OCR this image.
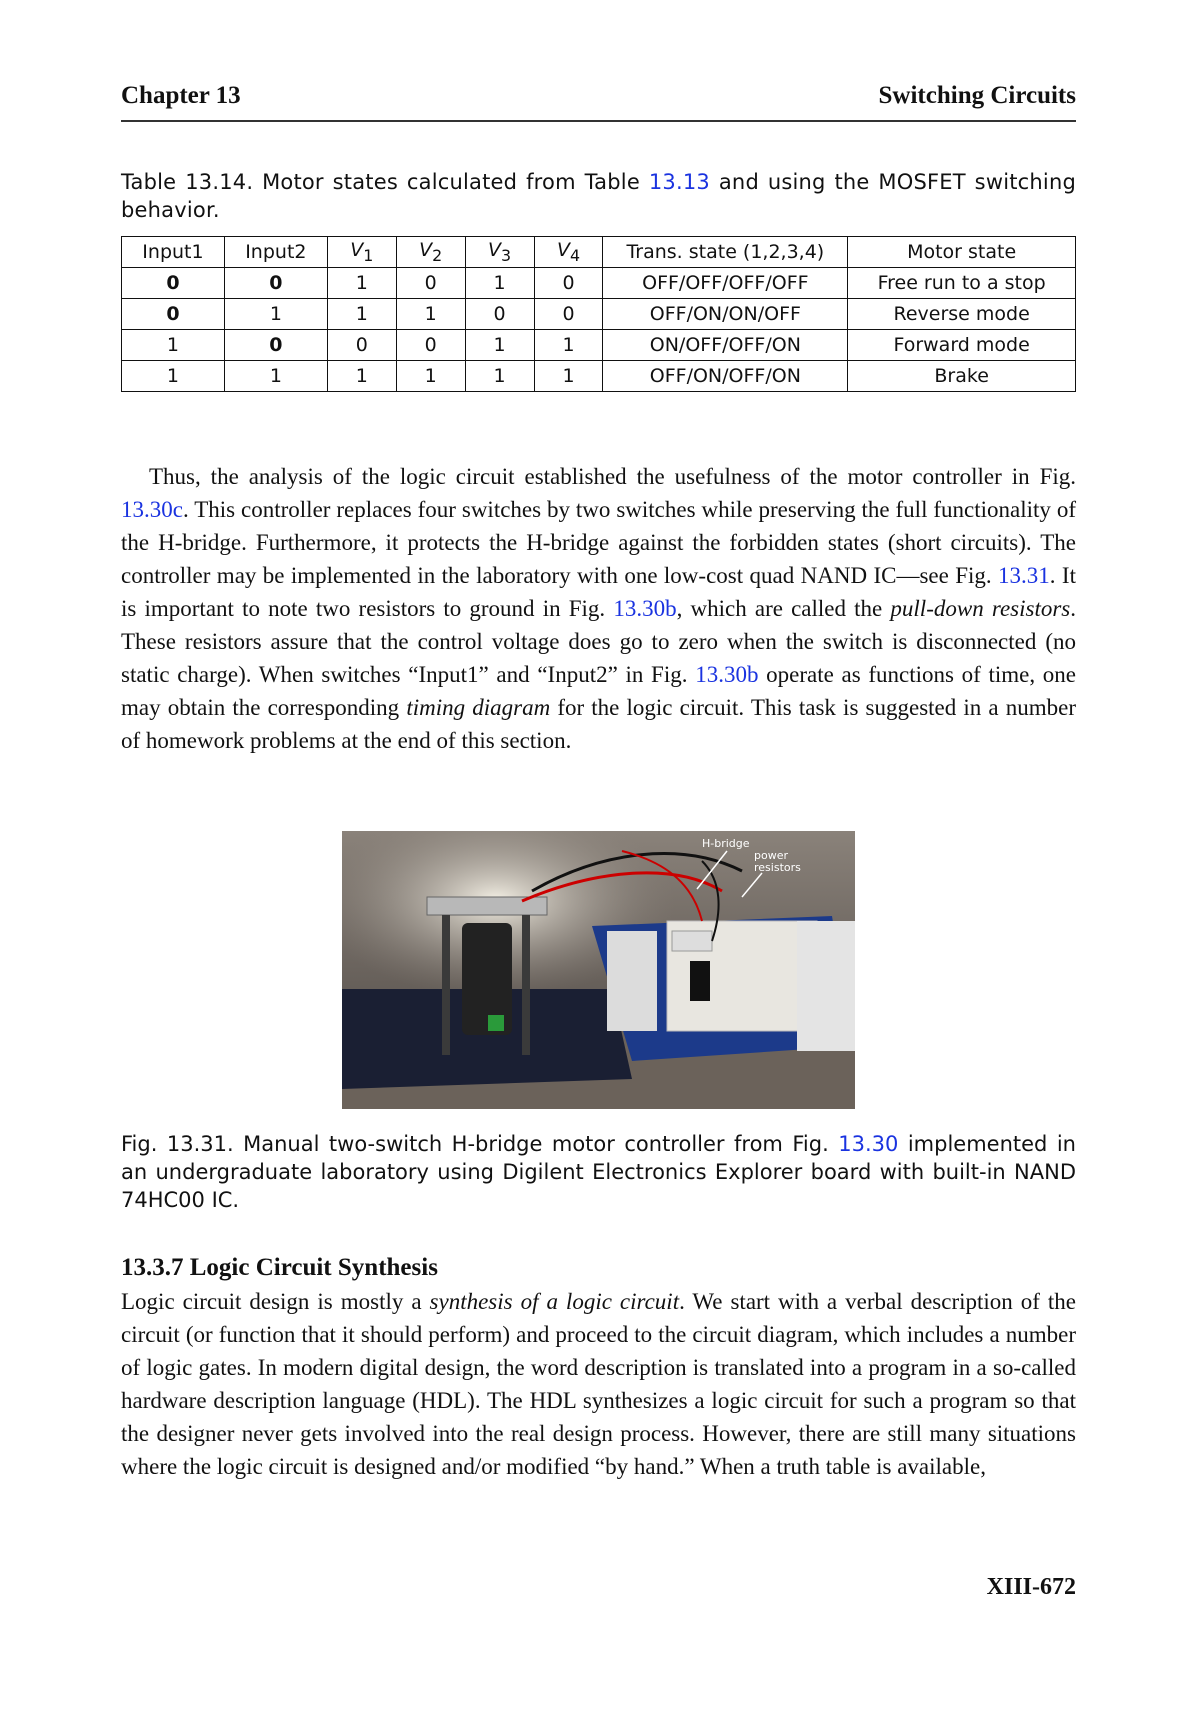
Chapter 13	Switching Circuits
Table 13.14. Motor states calculated from Table 13.13 and using the MOSFET switching behavior.
Input1	Input2	$V_1$	$V_2$	$V_3$	$V_4$	Trans. state (1,2,3,4)	Motor state
0	0	1	0	1	0	OFF/OFF/OFF/OFF	Free run to a stop
0	1	1	1	0	0	OFF/ON/ON/OFF	Reverse mode
1	0	0	0	1	1	ON/OFF/OFF/ON	Forward mode
1	1	1	1	1	1	OFF/ON/OFF/ON	Brake
Thus, the analysis of the logic circuit established the usefulness of the motor controller in Fig. 13.30c. This controller replaces four switches by two switches while preserving the full functionality of the H-bridge. Furthermore, it protects the H-bridge against the forbidden states (short circuits). The controller may be implemented in the laboratory with one low-cost quad NAND IC—see Fig. 13.31. It is important to note two resistors to ground in Fig. 13.30b, which are called the pull-down resistors. These resistors assure that the control voltage does go to zero when the switch is disconnected (no static charge). When switches “Input1” and “Input2” in Fig. 13.30b operate as functions of time, one may obtain the corresponding timing diagram for the logic circuit. This task is suggested in a number of homework problems at the end of this section.
H-bridge
power
resistors
Fig. 13.31. Manual two-switch H-bridge motor controller from Fig. 13.30 implemented in an undergraduate laboratory using Digilent Electronics Explorer board with built-in NAND 74HC00 IC.
13.3.7 Logic Circuit Synthesis
Logic circuit design is mostly a synthesis of a logic circuit. We start with a verbal description of the circuit (or function that it should perform) and proceed to the circuit diagram, which includes a number of logic gates. In modern digital design, the word description is translated into a program in a so-called hardware description language (HDL). The HDL synthesizes a logic circuit for such a program so that the designer never gets involved into the real design process. However, there are still many situations where the logic circuit is designed and/or modified “by hand.” When a truth table is available,
XIII-672
